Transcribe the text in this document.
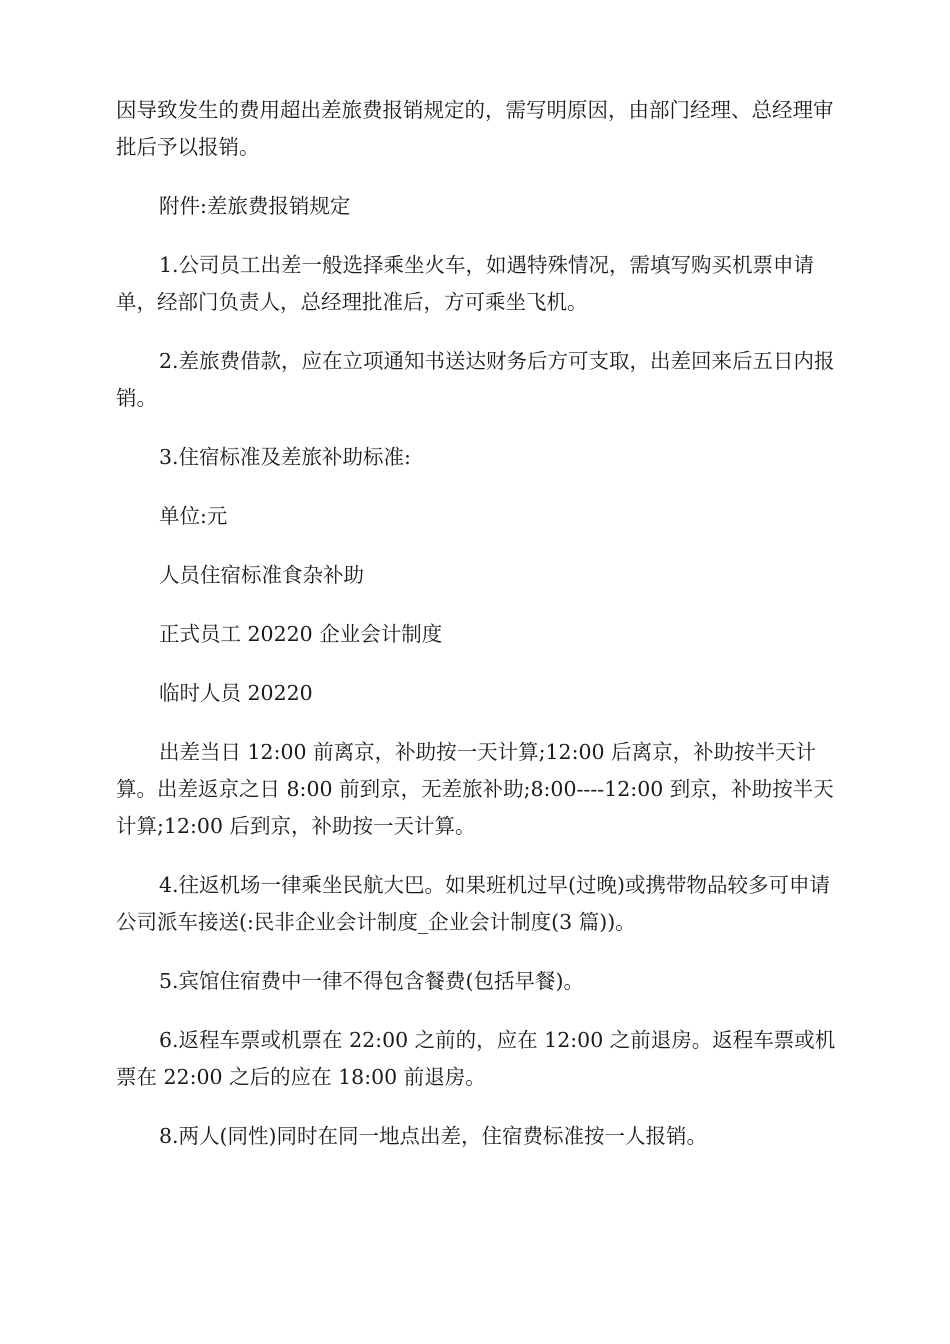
因导致发生的费用超出差旅费报销规定的，需写明原因，由部门经理、总经理审批后予以报销。

附件:差旅费报销规定

1.公司员工出差一般选择乘坐火车，如遇特殊情况，需填写购买机票申请单，经部门负责人，总经理批准后，方可乘坐飞机。

2.差旅费借款，应在立项通知书送达财务后方可支取，出差回来后五日内报销。

3.住宿标准及差旅补助标准:

单位:元

人员住宿标准食杂补助

正式员工 20220 企业会计制度

临时人员 20220

出差当日 12:00 前离京，补助按一天计算;12:00 后离京，补助按半天计算。出差返京之日 8:00 前到京，无差旅补助;8:00----12:00 到京，补助按半天计算;12:00 后到京，补助按一天计算。

4.往返机场一律乘坐民航大巴。如果班机过早(过晚)或携带物品较多可申请公司派车接送(:民非企业会计制度_企业会计制度(3 篇))。

5.宾馆住宿费中一律不得包含餐费(包括早餐)。

6.返程车票或机票在 22:00 之前的，应在 12:00 之前退房。返程车票或机票在 22:00 之后的应在 18:00 前退房。

8.两人(同性)同时在同一地点出差，住宿费标准按一人报销。
